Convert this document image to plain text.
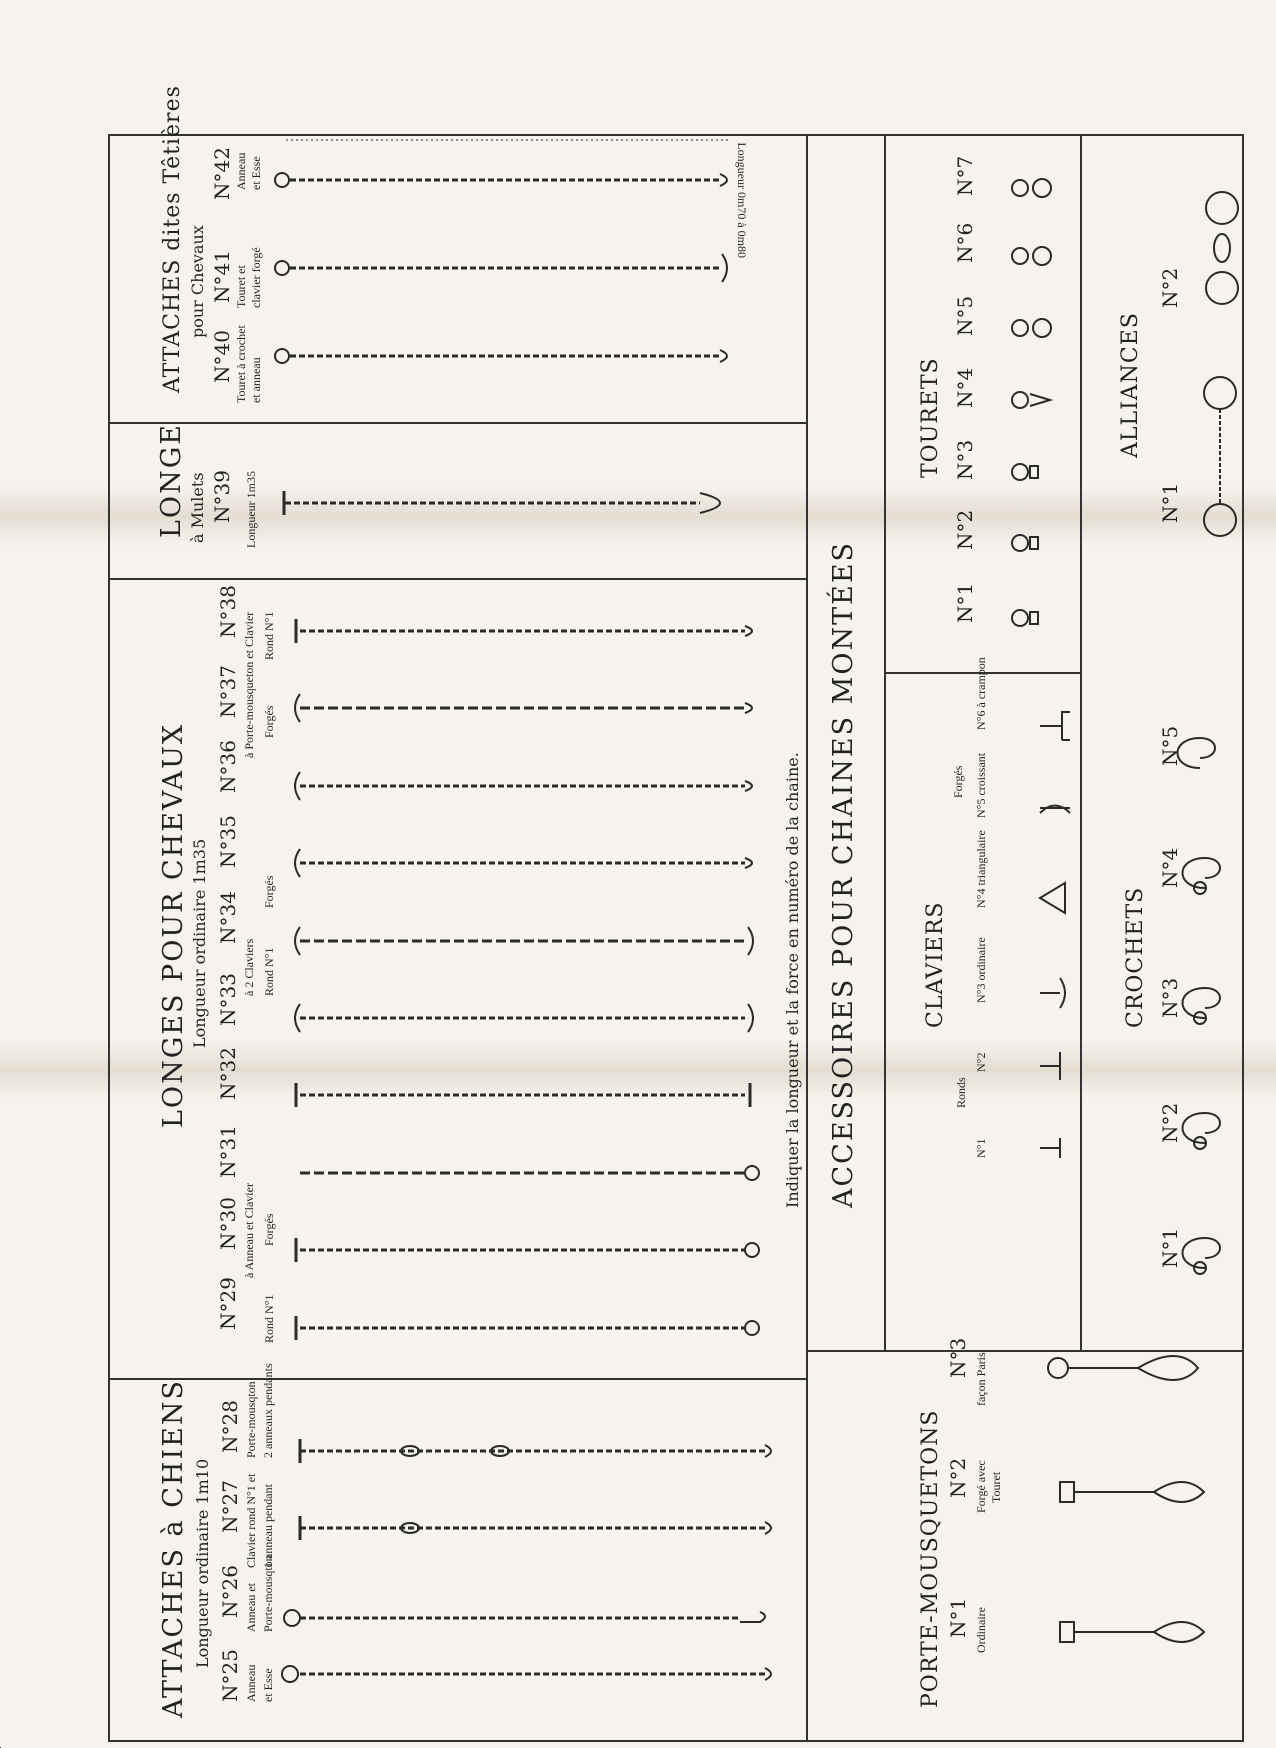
ATTACHES à CHIENS Longueur ordinaire 1m10
N°25 Anneau et Esse
N°26 Anneau et Porte-mousqton
N°27 Clavier rond N°1 et 1 anneau pendant
N°28 Porte-mousqton 2 anneaux pendants
LONGES POUR CHEVAUX Longueur ordinaire 1m35
N°29
N°30
N°31
N°32
N°33
N°34
N°35
N°36
N°37
N°38
à Anneau et Clavier
à 2 Claviers
à Porte-mousqueton et Clavier
Rond N°1
Forgés
Rond N°1
Forgés
Forgés
Rond N°1
Indiquer la longueur et la force en numéro de la chaine.
LONGE à Mulets N°39 Longueur 1m35
ATTACHES dites Têtières pour Chevaux
N°40 Touret à crochet et anneau
N°41 Touret et clavier forgé
N°42 Anneau et Esse	Longueur 0m70 à 0m80
ACCESSOIRES POUR CHAINES MONTÉES
PORTE-MOUSQUETONS N°1 Ordinaire
N°2 Forgé avec Touret
N°3 façon Paris
CLAVIERS
Ronds
Forgés
N°1
N°2
N°3 ordinaire
N°4 triangulaire
N°5 croissant
N°6 à crampon
CROCHETS
N°1
N°2
N°3
N°4
N°5
TOURETS
N°1
N°2
N°3
N°4
N°5
N°6
N°7
ALLIANCES
N°1
N°2
